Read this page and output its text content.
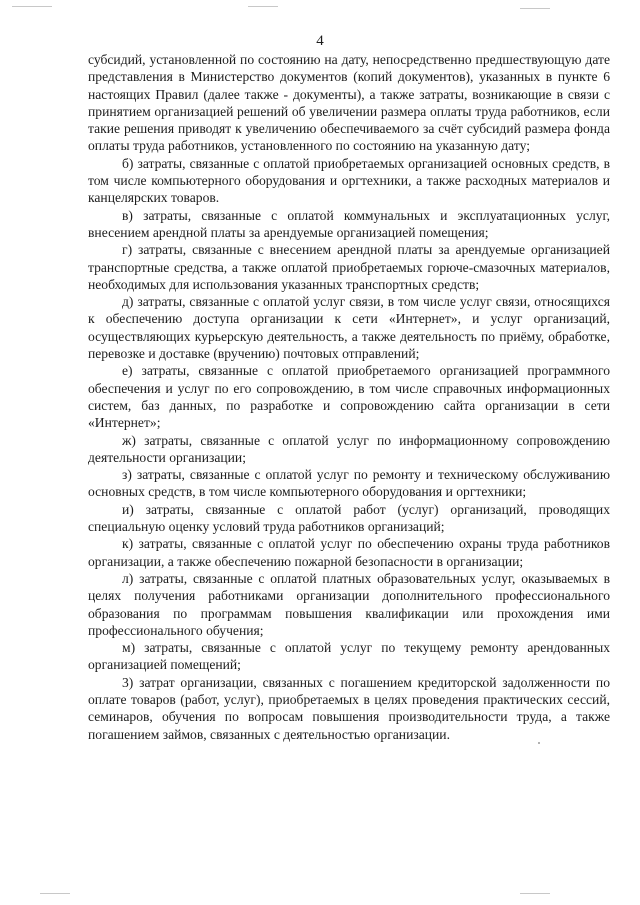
4

субсидий, установленной по состоянию на дату, непосредственно предшествующую дате представления в Министерство документов (копий документов), указанных в пункте 6 настоящих Правил (далее также - документы), а также затраты, возникающие в связи с принятием организацией решений об увеличении размера оплаты труда работников, если такие решения приводят к увеличению обеспечиваемого за счёт субсидий размера фонда оплаты труда работников, установленного по состоянию на указанную дату;

б) затраты, связанные с оплатой приобретаемых организацией основных средств, в том числе компьютерного оборудования и оргтехники, а также расходных материалов и канцелярских товаров.

в) затраты, связанные с оплатой коммунальных и эксплуатационных услуг, внесением арендной платы за арендуемые организацией помещения;

г) затраты, связанные с внесением арендной платы за арендуемые организацией транспортные средства, а также оплатой приобретаемых горюче-смазочных материалов, необходимых для использования указанных транспортных средств;

д) затраты, связанные с оплатой услуг связи, в том числе услуг связи, относящихся к обеспечению доступа организации к сети «Интернет», и услуг организаций, осуществляющих курьерскую деятельность, а также деятельность по приёму, обработке, перевозке и доставке (вручению) почтовых отправлений;

е) затраты, связанные с оплатой приобретаемого организацией программного обеспечения и услуг по его сопровождению, в том числе справочных информационных систем, баз данных, по разработке и сопровождению сайта организации в сети «Интернет»;

ж) затраты, связанные с оплатой услуг по информационному сопровождению деятельности организации;

з) затраты, связанные с оплатой услуг по ремонту и техническому обслуживанию основных средств, в том числе компьютерного оборудования и оргтехники;

и) затраты, связанные с оплатой работ (услуг) организаций, проводящих специальную оценку условий труда работников организаций;

к) затраты, связанные с оплатой услуг по обеспечению охраны труда работников организации, а также обеспечению пожарной безопасности в организации;

л) затраты, связанные с оплатой платных образовательных услуг, оказываемых в целях получения работниками организации дополнительного профессионального образования по программам повышения квалификации или прохождения ими профессионального обучения;

м) затраты, связанные с оплатой услуг по текущему ремонту арендованных организацией помещений;

3) затрат организации, связанных с погашением кредиторской задолженности по оплате товаров (работ, услуг), приобретаемых в целях проведения практических сессий, семинаров, обучения по вопросам повышения производительности труда, а также погашением займов, связанных с деятельностью организации.
